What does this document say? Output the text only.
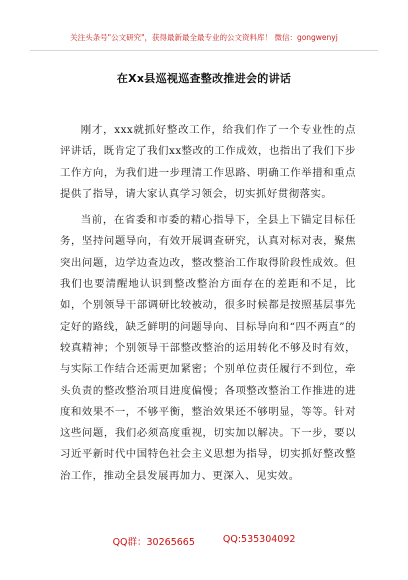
关注头条号"公文研究"，获得最新最全最专业的公文资料库！ 微信：gongwenyj
在Xx县巡视巡查整改推进会的讲话

刚才，xxx就抓好整改工作，给我们作了一个专业性的点评讲话，既肯定了我们xx整改的工作成效，也指出了我们下步工作方向，为我们进一步理清工作思路、明确工作举措和重点提供了指导，请大家认真学习领会，切实抓好贯彻落实。

当前，在省委和市委的精心指导下，全县上下锚定目标任务，坚持问题导向，有效开展调查研究，认真对标对表，聚焦突出问题，边学边查边改，整改整治工作取得阶段性成效。但我们也要清醒地认识到整改整治方面存在的差距和不足，比如，个别领导干部调研比较被动，很多时候都是按照基层事先定好的路线，缺乏鲜明的问题导向、目标导向和“四不两直”的较真精神；个别领导干部整改整治的运用转化不够及时有效，与实际工作结合还需更加紧密；个别单位责任履行不到位，牵头负责的整改整治项目进度偏慢；各项整改整治工作推进的进度和效果不一，不够平衡，整治效果还不够明显，等等。针对这些问题，我们必须高度重视，切实加以解决。下一步，要以习近平新时代中国特色社会主义思想为指导，切实抓好整改整治工作，推动全县发展再加力、更深入、见实效。

QQ群：30265665	QQ:535304092
